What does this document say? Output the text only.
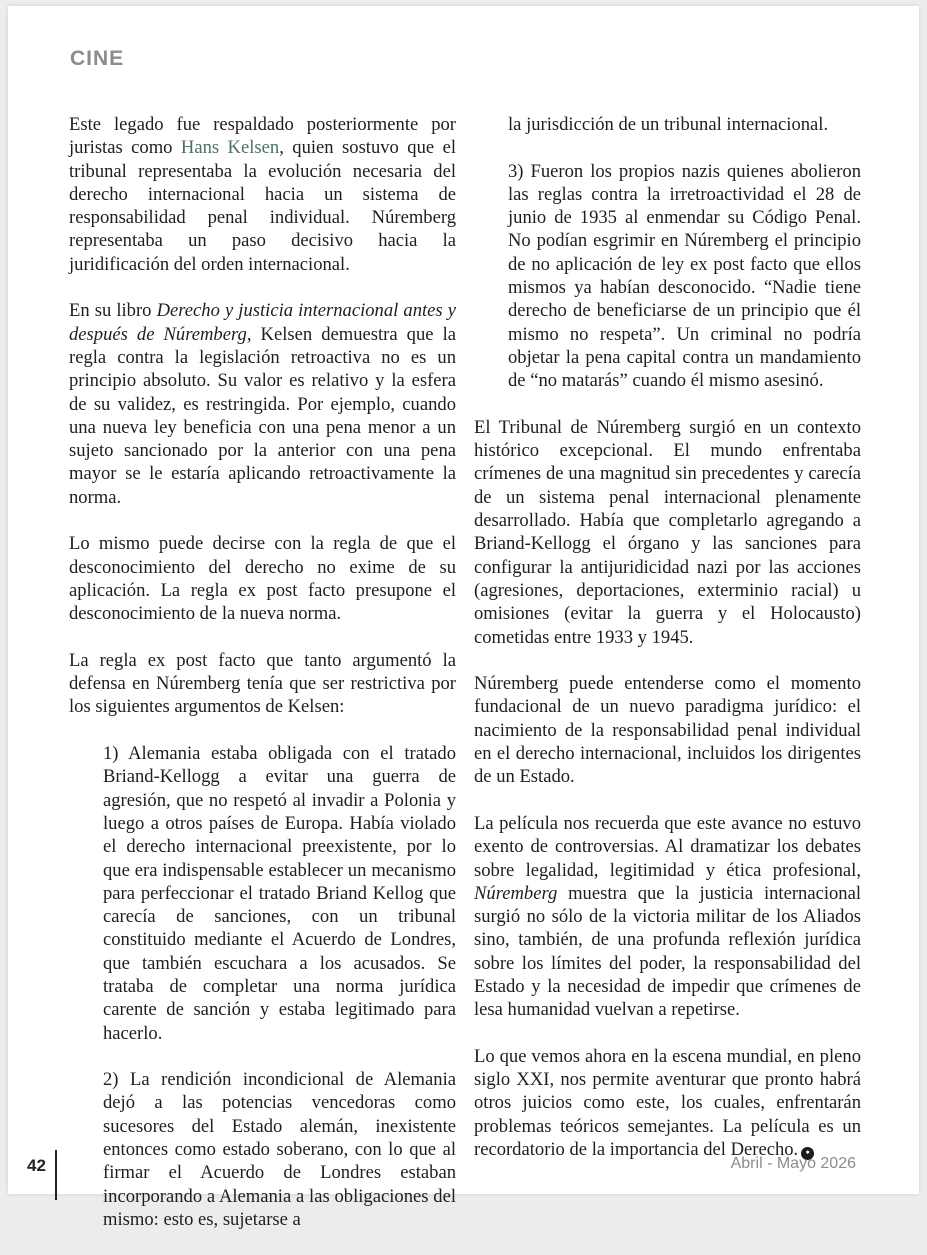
CINE

Este legado fue respaldado posteriormente por juristas como Hans Kelsen, quien sostuvo que el tribunal representaba la evolución necesaria del derecho internacional hacia un sistema de responsabilidad penal individual. Núremberg representaba un paso decisivo hacia la juridificación del orden internacional.

En su libro Derecho y justicia internacional antes y después de Núremberg, Kelsen demuestra que la regla contra la legislación retroactiva no es un principio absoluto. Su valor es relativo y la esfera de su validez, es restringida. Por ejemplo, cuando una nueva ley beneficia con una pena menor a un sujeto sancionado por la anterior con una pena mayor se le estaría aplicando retroactivamente la norma.

Lo mismo puede decirse con la regla de que el desconocimiento del derecho no exime de su aplicación. La regla ex post facto presupone el desconocimiento de la nueva norma.

La regla ex post facto que tanto argumentó la defensa en Núremberg tenía que ser restrictiva por los siguientes argumentos de Kelsen:

1) Alemania estaba obligada con el tratado Briand-Kellogg a evitar una guerra de agresión, que no respetó al invadir a Polonia y luego a otros países de Europa. Había violado el derecho internacional preexistente, por lo que era indispensable establecer un mecanismo para perfeccionar el tratado Briand Kellog que carecía de sanciones, con un tribunal constituido mediante el Acuerdo de Londres, que también escuchara a los acusados. Se trataba de completar una norma jurídica carente de sanción y estaba legitimado para hacerlo.

2) La rendición incondicional de Alemania dejó a las potencias vencedoras como sucesores del Estado alemán, inexistente entonces como estado soberano, con lo que al firmar el Acuerdo de Londres estaban incorporando a Alemania a las obligaciones del mismo: esto es, sujetarse a

la jurisdicción de un tribunal internacional.

3) Fueron los propios nazis quienes abolieron las reglas contra la irretroactividad el 28 de junio de 1935 al enmendar su Código Penal. No podían esgrimir en Núremberg el principio de no aplicación de ley ex post facto que ellos mismos ya habían desconocido. “Nadie tiene derecho de beneficiarse de un principio que él mismo no respeta”. Un criminal no podría objetar la pena capital contra un mandamiento de “no matarás” cuando él mismo asesinó.

El Tribunal de Núremberg surgió en un contexto histórico excepcional. El mundo enfrentaba crímenes de una magnitud sin precedentes y carecía de un sistema penal internacional plenamente desarrollado. Había que completarlo agregando a Briand-Kellogg el órgano y las sanciones para configurar la antijuridicidad nazi por las acciones (agresiones, deportaciones, exterminio racial) u omisiones (evitar la guerra y el Holocausto) cometidas entre 1933 y 1945.

Núremberg puede entenderse como el momento fundacional de un nuevo paradigma jurídico: el nacimiento de la responsabilidad penal individual en el derecho internacional, incluidos los dirigentes de un Estado.

La película nos recuerda que este avance no estuvo exento de controversias. Al dramatizar los debates sobre legalidad, legitimidad y ética profesional, Núremberg muestra que la justicia internacional surgió no sólo de la victoria militar de los Aliados sino, también, de una profunda reflexión jurídica sobre los límites del poder, la responsabilidad del Estado y la necesidad de impedir que crímenes de lesa humanidad vuelvan a repetirse.

Lo que vemos ahora en la escena mundial, en pleno siglo XXI, nos permite aventurar que pronto habrá otros juicios como este, los cuales, enfrentarán problemas teóricos semejantes. La película es un recordatorio de la importancia del Derecho. ✱

42	Abril - Mayo 2026
